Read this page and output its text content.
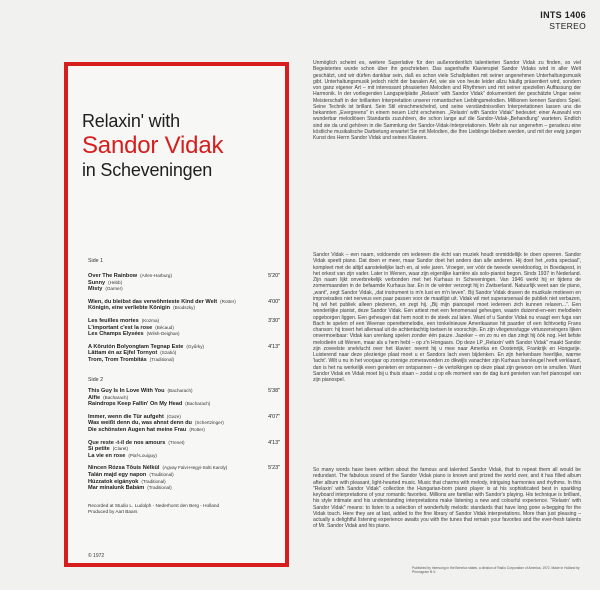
INTS 1406
STEREO
Relaxin' with
Sandor Vidak
in Scheveningen
Side 1
Over The Rainbow (Arlen-Harburg)	5'20"
Sunny (Hebb)
Misty (Garner)
Wien, du bleibst das verwöhnteste Kind der Welt (Rotter)	4'00"
Königin, eine verliebte Königin (Brodszky)
Les feuilles mortes (Kozma)	3'30"
L'important c'est la rose (Bécaud)
Les Champs Elysées (Wilsh-Deighan)
A Kõrutón Bolyongtam Tegnap Este (Gyűrky)	4'13"
Lāttam én az Ejfel Tornyot (Szabó)
Trom, Trom Trombitás (Traditional)
Side 2
This Guy Is In Love With You (Bacharach)	5'38"
Alfie (Bacharach)
Raindrops Keep Fallin' On My Head (Bacharach)
Immer, wenn die Tür aufgeht (Gaze)	4'07"
Was weißt denn du, was ahnst denn du (Schertzinger)
Die schönsten Augen hat meine Frau (Rotter)
Que reste -t-il de nos amours (Trenet)	4'13"
Si petite (Claret)
La vie en rose (Piaf-Louiguy)
Nincen Rózsa Tõuis Nélkül (Agvay Falvi-Hegyi-Solti Karoly)	5'23"
Talán majd egy napon (Traditional)
Húzzatok eigányok (Traditional)
Mar minalunk Babám (Traditional)
Recorded at Studio L. Ludolph - Nederhorst den Berg - Holland
Produced by Aart Baars
© 1972

Unmöglich scheint es, weitere Superlative für den außerordentlich talentierten Sandor Vidak zu finden, so viel Begeistertes wurde schon über ihn geschrieben. Das sagenhafte Klavierspiel Sandor Vidaks wird in aller Welt geschätzt, und wir dürfen dankbar sein, daß es schon viele Schallplatten mit seiner angenehmen Unterhaltungsmusik gibt. Unterhaltungsmusik jedoch nicht der banalen Art, wie sie von heute leider allzu häufig präsentiert wird, sondern von ganz eigener Art – mit interessant phrasierten Melodien und Rhythmen und mit seiner speziellen Auffassung der Harmonik. In der vorliegenden Langspielplatte „Relaxin' with Sandor Vidak“ dokumentiert der geschätzte Ungar seine Meisterschaft in der brillanten Interpretation unserer romantischen Lieblingsmelodien. Millionen kennen Sandors Spiel. Seine Technik ist brillant. Sein Stil einschmeichelnd, und seine verständnisvollen Interpretationen lassen uns die bekannten „Evergreens“ in einem neuen Licht erscheinen. „Relaxin' with Sandor Vidak“ bedeutet: einer Auswahl von wunderbar melodiösen Standards zuzuhören, die schon lange auf die Sandor-Vidak-„Behandlung“ warteten. Endlich sind sie da und gehören in die Sammlung der Sandor-Vidak-Interpretationen. Mehr als nur angenehm – geradezu eine köstliche musikalische Darbietung erwartet Sie mit Melodien, die Ihre Lieblinge bleiben werden, und mit der ewig jungen Kunst des Herrn Sandor Vidak und seines Klaviers.

Sandor Vidak – een naam, voldoende om iedereen die écht van muziek houdt onmiddellijk te doen opveren. Sandor Vidak speelt piano. Dat doen er meer, maar Sandor doet het anders dan alle anderen. Hij doet het „extra speciaal“, kompleet met de altijd aanstekelijke lach en, al vele jaren. Vroeger, ver vóór de tweede wereldoorlog, in Boedapest, in het orkest van zijn vader. Later in Wenen, waar zijn eigenlijke karrière als solo-pianist begon. Sinds 1937 in Nederland. Zijn naam lijkt onverbrekelijk verbonden met het Kurhaus in Scheveningen. Van 1946 werkt hij er tijdens de zomermaanden in de befaamde Kurhaus bar. En in de winter verzorgt hij in Zwitserland. Natuurlijk weet aan de piano, „want“, zegt Sandor Vidak, „dat instrument is m'n lust en m'n leven“. Bij Sandor Vidak draven de muzikale motieven en improvisaties niet nerveus een paar passen voor de maatlijst uit. Vidak wil met superarsenaal de publiek niet verbazen, hij wil het publiek alleen plezieren, en zegt hij. „Bij mijn pianospel moet iedereen zich kunnen relaxen...“. Een wonderlijke pianist, deze Sandor Vidak. Een artiest met een fenomenaal geheugen, waarin duizend-en-een melodieën opgeborgen liggen. Een geheugen dat hem nooit in de steek zal laten. Want of u Sandor Vidak nu vraagt een fuga van Bach te spelen of een Weense operettemelodie, een tonkelnieuwe Amerikaanse hit paarder of een lichtvoetig Frans chanson: hij tovert het allemaal uit de achtentachtig toetsen te voorschijn. En zijn vliegensvlugge virtuozenvingers lijken onvermoeibaar: Vidak kan urenlang spelen zonder één pauze. Jazeker – en zo nu en dan zingt hij óók nog. Het liefste melodieën uit Wenen, maar als u hem hebt – op z'n Hongaars. Op deze LP „Relaxin' with Sandor Vidak“ maakt Sandor zijn zoveelste snelvlucht over het klavier: neemt hij u mee naar Amerika en Oostenrijk, Frankrijk en Hongarije. Luisterend naar deze plezierige plaat moet u er Sandors lach even bijdenken. En zijn herkenbare heerlijke, warme 'lacht'. Wilt u nu in het voorjaar op zonnige zomeravonden zo dikwijls vanachter zijn Kurhaus barvleugel heeft verklaard, dan is het nu werkelijk even genieten en ontspannen – de vertolkingen op deze plaat zijn gewoon om te smullen. Want Sandor Vidak en Vidak moet bij u thuis staan – zodat u op elk moment van de dag kunt genieten van het pianospel van zijn pianospel.

So many words have been written about the famous and talented Sandor Vidak, that to repeat them all would be redundant. The fabulous sound of the Sandor Vidak piano is known and prized the world over, and it has filled album after album with pleasant, light-hearted music. Music that charms with melody, intriguing harmonies and rhythms. In this "Relaxin' with Sandor Vidak" collection the Hungarian-born piano player is at his sophisticated best in sparkling keyboard interpretations of your romantic favorites. Millions are familiar with Sandor's playing. His technique is brilliant, his style intimate and his understanding interpretations make listening a new and colourful experience. "Relaxin' with Sandor Vidak" means: to listen to a selection of wonderfully melodic standards that have long gone a-begging for the Vidak touch. Here they are at last, added to the fine library of Sandor Vidak interpretations. More than just pleasing – actually a delightful listening experience awaits you with the tunes that remain your favorites and the ever-fresh talents of Mr. Sandor Vidak and his piano.

Published by Intersong in the Benelux states, a division of Radio Corporation of America, 1972. Made in Holland by Phonogram B.V.
